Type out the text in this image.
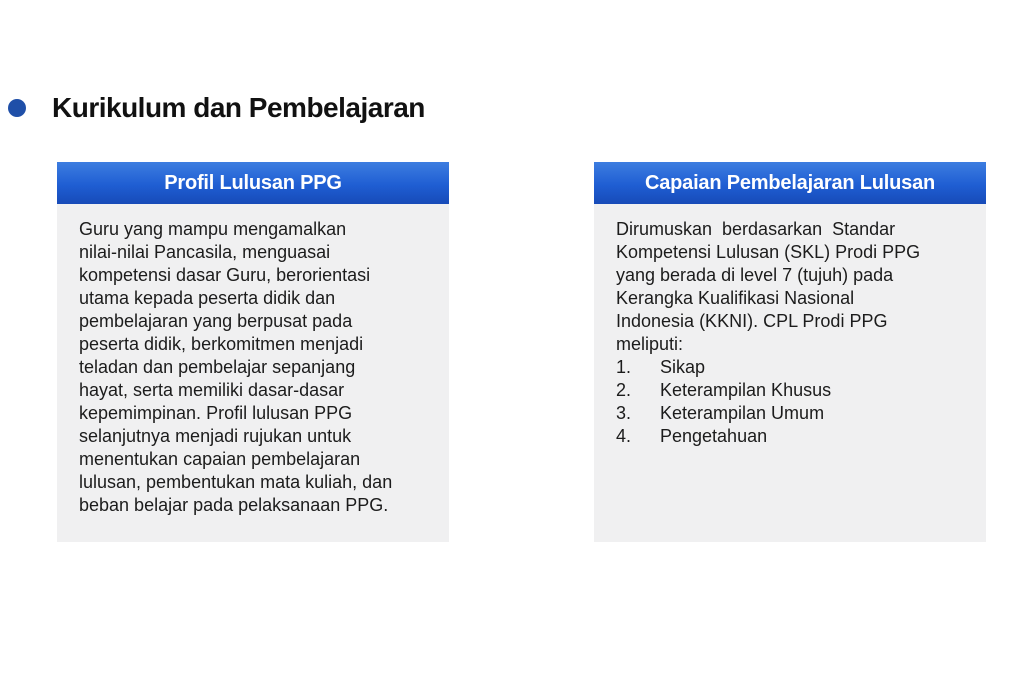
Kurikulum dan Pembelajaran
Profil Lulusan PPG

Guru yang mampu mengamalkan
nilai-nilai Pancasila, menguasai
kompetensi dasar Guru, berorientasi
utama kepada peserta didik dan
pembelajaran yang berpusat pada
peserta didik, berkomitmen menjadi
teladan dan pembelajar sepanjang
hayat, serta memiliki dasar-dasar
kepemimpinan. Profil lulusan PPG
selanjutnya menjadi rujukan untuk
menentukan capaian pembelajaran
lulusan, pembentukan mata kuliah, dan
beban belajar pada pelaksanaan PPG.

Capaian Pembelajaran Lulusan

Dirumuskan  berdasarkan  Standar
Kompetensi Lulusan (SKL) Prodi PPG
yang berada di level 7 (tujuh) pada
Kerangka Kualifikasi Nasional
Indonesia (KKNI). CPL Prodi PPG
meliputi:

1.	Sikap
2.	Keterampilan Khusus
3.	Keterampilan Umum
4.	Pengetahuan
